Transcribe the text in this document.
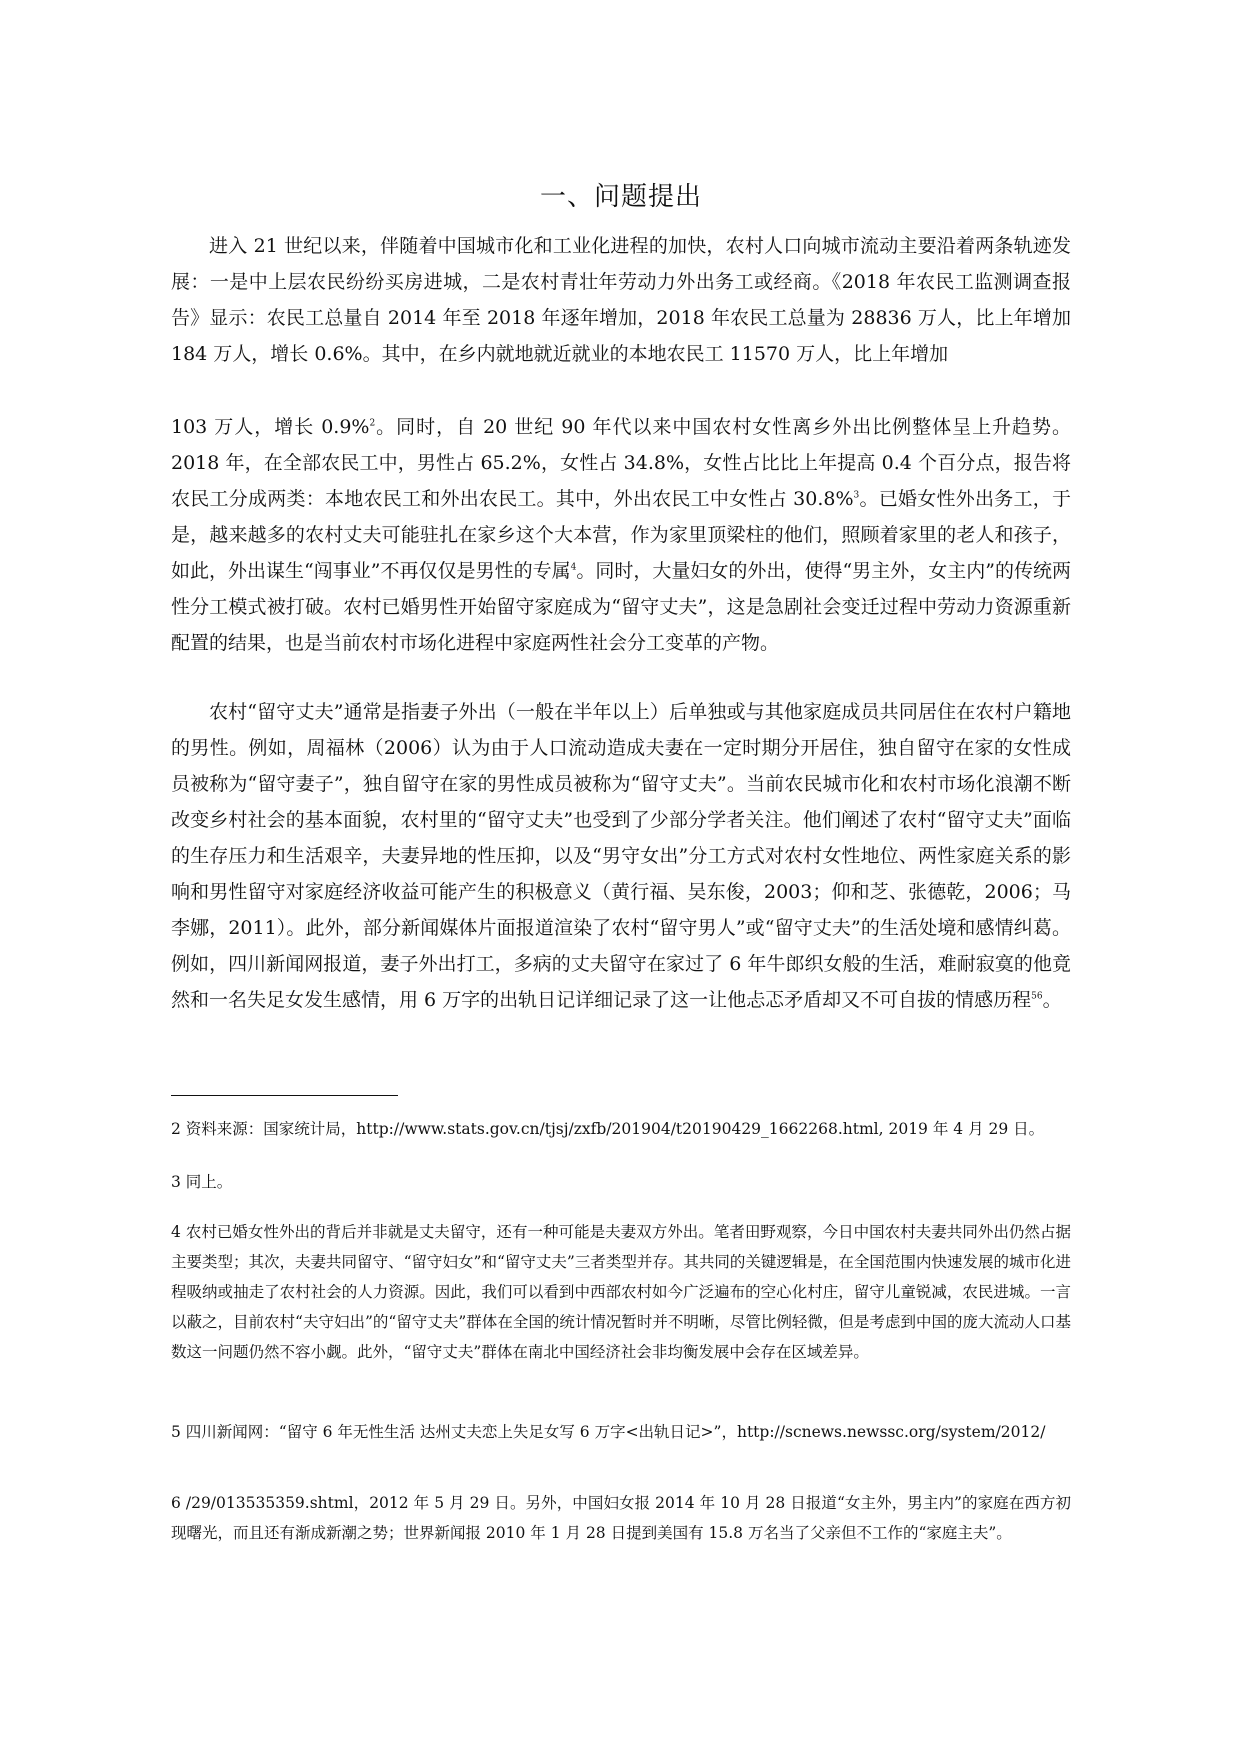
一、问题提出

进入 21 世纪以来，伴随着中国城市化和工业化进程的加快，农村人口向城市流动主要沿着两条轨迹发展：一是中上层农民纷纷买房进城，二是农村青壮年劳动力外出务工或经商。《2018 年农民工监测调查报告》显示：农民工总量自 2014 年至 2018 年逐年增加，2018 年农民工总量为 28836 万人，比上年增加 184 万人，增长 0.6%。其中，在乡内就地就近就业的本地农民工 11570 万人，比上年增加

103 万人，增长 0.9%$^2$。同时，自 20 世纪 90 年代以来中国农村女性离乡外出比例整体呈上升趋势。 2018 年，在全部农民工中，男性占 65.2%，女性占 34.8%，女性占比比上年提高 0.4 个百分点，报告将农民工分成两类：本地农民工和外出农民工。其中，外出农民工中女性占 30.8%$^3$。已婚女性外出务工，于是，越来越多的农村丈夫可能驻扎在家乡这个大本营，作为家里顶梁柱的他们，照顾着家里的老人和孩子，如此，外出谋生“闯事业”不再仅仅是男性的专属$^4$。同时，大量妇女的外出，使得“男主外，女主内”的传统两性分工模式被打破。农村已婚男性开始留守家庭成为“留守丈夫”，这是急剧社会变迁过程中劳动力资源重新配置的结果，也是当前农村市场化进程中家庭两性社会分工变革的产物。

农村“留守丈夫”通常是指妻子外出（一般在半年以上）后单独或与其他家庭成员共同居住在农村户籍地的男性。例如，周福林（2006）认为由于人口流动造成夫妻在一定时期分开居住，独自留守在家的女性成员被称为“留守妻子”，独自留守在家的男性成员被称为“留守丈夫”。当前农民城市化和农村市场化浪潮不断改变乡村社会的基本面貌，农村里的“留守丈夫”也受到了少部分学者关注。他们阐述了农村“留守丈夫”面临的生存压力和生活艰辛，夫妻异地的性压抑，以及“男守女出”分工方式对农村女性地位、两性家庭关系的影响和男性留守对家庭经济收益可能产生的积极意义（黄行福、吴东俊，2003；仰和芝、张德乾，2006；马李娜，2011）。此外，部分新闻媒体片面报道渲染了农村“留守男人”或“留守丈夫”的生活处境和感情纠葛。例如，四川新闻网报道，妻子外出打工，多病的丈夫留守在家过了 6 年牛郎织女般的生活，难耐寂寞的他竟然和一名失足女发生感情，用 6 万字的出轨日记详细记录了这一让他忐忑矛盾却又不可自拔的情感历程$^{56}$。

2 资料来源：国家统计局，http://www.stats.gov.cn/tjsj/zxfb/201904/t20190429_1662268.html, 2019 年 4 月 29 日。

3 同上。

4 农村已婚女性外出的背后并非就是丈夫留守，还有一种可能是夫妻双方外出。笔者田野观察，今日中国农村夫妻共同外出仍然占据主要类型；其次，夫妻共同留守、“留守妇女”和“留守丈夫”三者类型并存。其共同的关键逻辑是，在全国范围内快速发展的城市化进程吸纳或抽走了农村社会的人力资源。因此，我们可以看到中西部农村如今广泛遍布的空心化村庄，留守儿童锐减，农民进城。一言以蔽之，目前农村“夫守妇出”的“留守丈夫”群体在全国的统计情况暂时并不明晰，尽管比例轻微，但是考虑到中国的庞大流动人口基数这一问题仍然不容小觑。此外，“留守丈夫”群体在南北中国经济社会非均衡发展中会存在区域差异。

5 四川新闻网：“留守 6 年无性生活 达州丈夫恋上失足女写 6 万字<出轨日记>”，http://scnews.newssc.org/system/2012/

6 /29/013535359.shtml，2012 年 5 月 29 日。另外，中国妇女报 2014 年 10 月 28 日报道“女主外，男主内”的家庭在西方初现曙光，而且还有渐成新潮之势；世界新闻报 2010 年 1 月 28 日提到美国有 15.8 万名当了父亲但不工作的“家庭主夫”。
